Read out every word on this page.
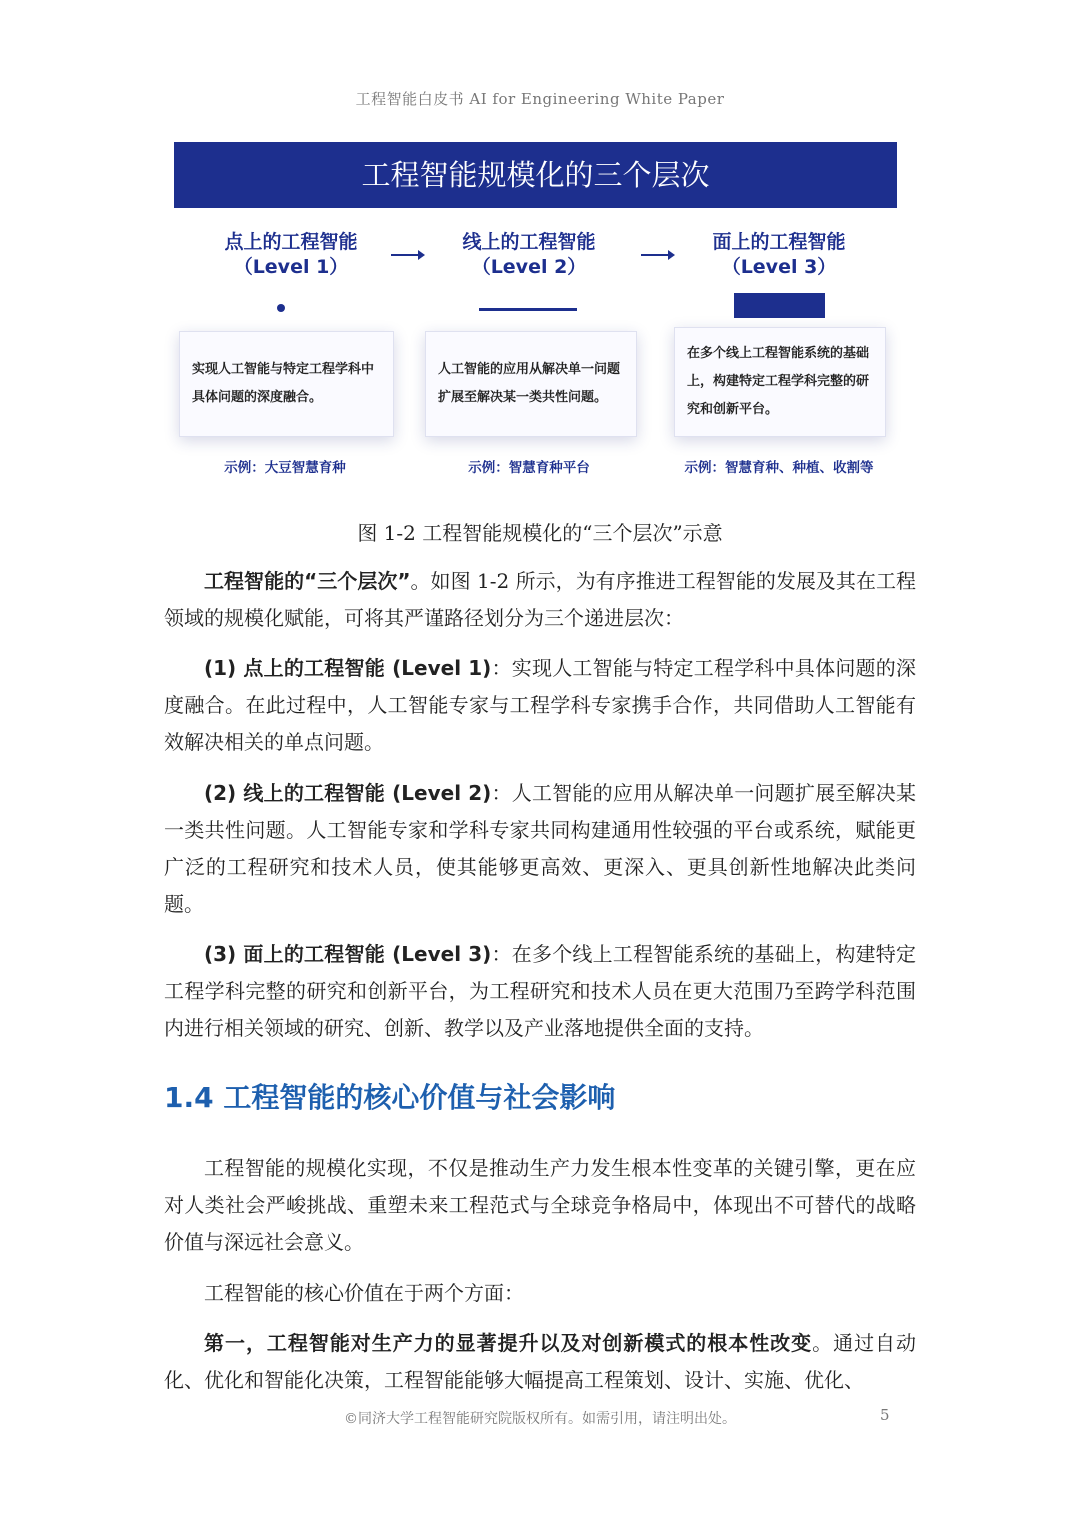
工程智能白皮书 AI for Engineering White Paper
工程智能规模化的三个层次
点上的工程智能
（Level 1）
线上的工程智能
（Level 2）
面上的工程智能
（Level 3）
实现人工智能与特定工程学科中具体问题的深度融合。
人工智能的应用从解决单一问题扩展至解决某一类共性问题。
在多个线上工程智能系统的基础上，构建特定工程学科完整的研究和创新平台。
示例：大豆智慧育种	示例：智慧育种平台	示例：智慧育种、种植、收割等
图 1-2 工程智能规模化的“三个层次”示意

工程智能的“三个层次”。如图 1-2 所示，为有序推进工程智能的发展及其在工程领域的规模化赋能，可将其严谨路径划分为三个递进层次：

(1) 点上的工程智能 (Level 1)：实现人工智能与特定工程学科中具体问题的深度融合。在此过程中，人工智能专家与工程学科专家携手合作，共同借助人工智能有效解决相关的单点问题。

(2) 线上的工程智能 (Level 2)：人工智能的应用从解决单一问题扩展至解决某一类共性问题。人工智能专家和学科专家共同构建通用性较强的平台或系统，赋能更广泛的工程研究和技术人员，使其能够更高效、更深入、更具创新性地解决此类问题。

(3) 面上的工程智能 (Level 3)：在多个线上工程智能系统的基础上，构建特定工程学科完整的研究和创新平台，为工程研究和技术人员在更大范围乃至跨学科范围内进行相关领域的研究、创新、教学以及产业落地提供全面的支持。

1.4 工程智能的核心价值与社会影响

工程智能的规模化实现，不仅是推动生产力发生根本性变革的关键引擎，更在应对人类社会严峻挑战、重塑未来工程范式与全球竞争格局中，体现出不可替代的战略价值与深远社会意义。

工程智能的核心价值在于两个方面：

第一，工程智能对生产力的显著提升以及对创新模式的根本性改变。通过自动化、优化和智能化决策，工程智能能够大幅提高工程策划、设计、实施、优化、

©同济大学工程智能研究院版权所有。如需引用，请注明出处。	5
